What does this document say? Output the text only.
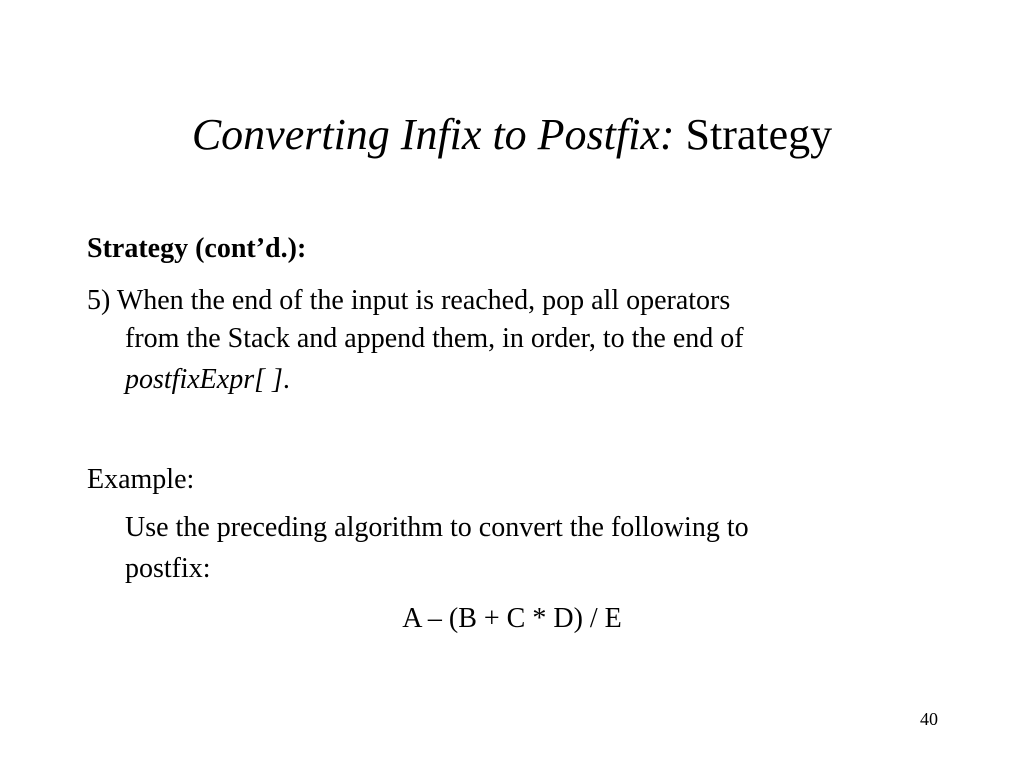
Converting Infix to Postfix: Strategy
Strategy (cont’d.):
5) When the end of the input is reached, pop all operators
from the Stack and append them, in order, to the end of
postfixExpr[ ].
Example:
Use the preceding algorithm to convert the following to
postfix:
A – (B + C * D) / E
40
